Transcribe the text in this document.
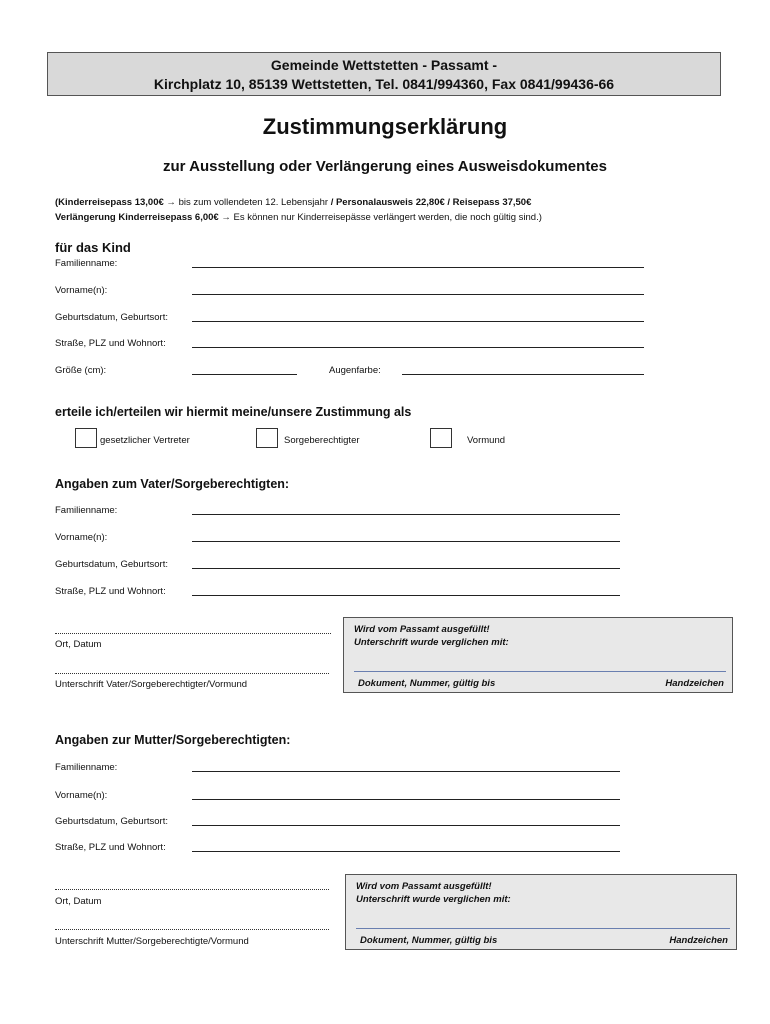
Gemeinde Wettstetten - Passamt -
Kirchplatz 10, 85139 Wettstetten, Tel. 0841/994360, Fax 0841/99436-66
Zustimmungserklärung
zur Ausstellung oder Verlängerung eines Ausweisdokumentes
(Kinderreisepass 13,00€ → bis zum vollendeten 12. Lebensjahr / Personalausweis 22,80€ / Reisepass 37,50€
Verlängerung Kinderreisepass 6,00€ → Es können nur Kinderreisepässe verlängert werden, die noch gültig sind.)
für das Kind
Familienname:
Vorname(n):
Geburtsdatum, Geburtsort:
Straße, PLZ und Wohnort:
Größe (cm):	Augenfarbe:
erteile ich/erteilen wir hiermit meine/unsere Zustimmung als
gesetzlicher Vertreter	Sorgeberechtigter	Vormund
Angaben zum Vater/Sorgeberechtigten:
Familienname:
Vorname(n):
Geburtsdatum, Geburtsort:
Straße, PLZ und Wohnort:
Ort, Datum
Unterschrift Vater/Sorgeberechtigter/Vormund
Wird vom Passamt ausgefüllt!
Unterschrift wurde verglichen mit:
Dokument, Nummer, gültig bis	Handzeichen
Angaben zur Mutter/Sorgeberechtigten:
Familienname:
Vorname(n):
Geburtsdatum, Geburtsort:
Straße, PLZ und Wohnort:
Ort, Datum
Unterschrift Mutter/Sorgeberechtigte/Vormund
Wird vom Passamt ausgefüllt!
Unterschrift wurde verglichen mit:
Dokument, Nummer, gültig bis	Handzeichen
